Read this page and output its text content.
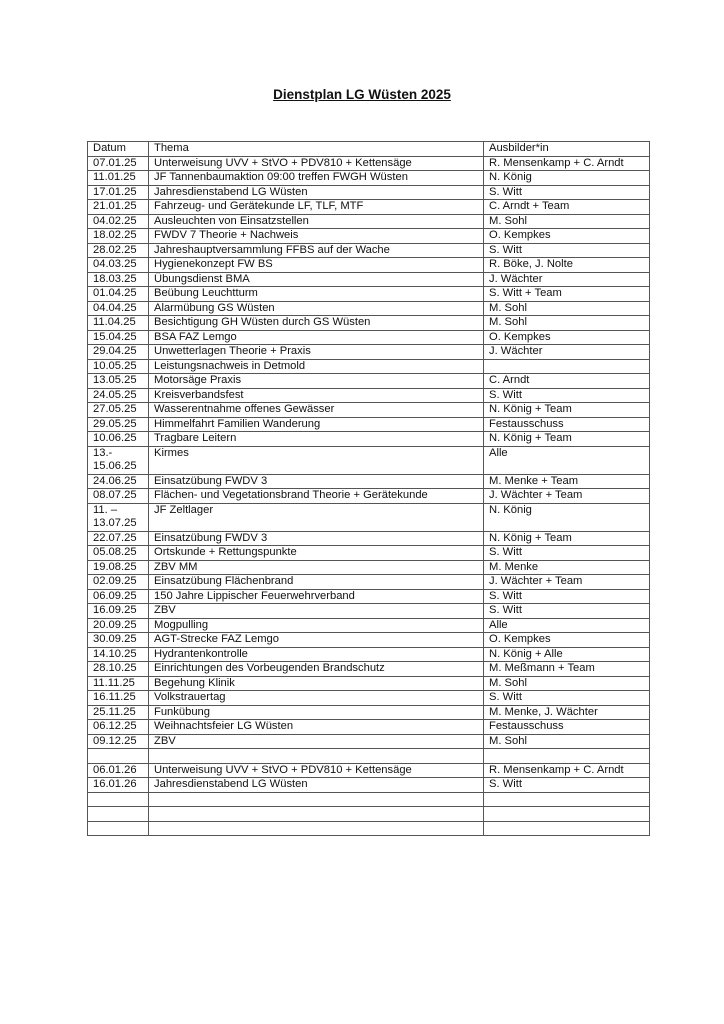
Dienstplan LG Wüsten 2025
Datum	Thema	Ausbilder*in
07.01.25	Unterweisung UVV + StVO + PDV810 + Kettensäge	R. Mensenkamp + C. Arndt
11.01.25	JF Tannenbaumaktion 09:00 treffen FWGH Wüsten	N. König
17.01.25	Jahresdienstabend LG Wüsten	S. Witt
21.01.25	Fahrzeug- und Gerätekunde LF, TLF, MTF	C. Arndt + Team
04.02.25	Ausleuchten von Einsatzstellen	M. Sohl
18.02.25	FWDV 7 Theorie + Nachweis	O. Kempkes
28.02.25	Jahreshauptversammlung FFBS auf der Wache	S. Witt
04.03.25	Hygienekonzept FW BS	R. Böke, J. Nolte
18.03.25	Übungsdienst BMA	J. Wächter
01.04.25	Beübung Leuchtturm	S. Witt + Team
04.04.25	Alarmübung GS Wüsten	M. Sohl
11.04.25	Besichtigung GH Wüsten durch GS Wüsten	M. Sohl
15.04.25	BSA FAZ Lemgo	O. Kempkes
29.04.25	Unwetterlagen Theorie + Praxis	J. Wächter
10.05.25	Leistungsnachweis in Detmold	
13.05.25	Motorsäge Praxis	C. Arndt
24.05.25	Kreisverbandsfest	S. Witt
27.05.25	Wasserentnahme offenes Gewässer	N. König + Team
29.05.25	Himmelfahrt Familien Wanderung	Festausschuss
10.06.25	Tragbare Leitern	N. König + Team
13.- 15.06.25	Kirmes	Alle
24.06.25	Einsatzübung FWDV 3	M. Menke + Team
08.07.25	Flächen- und Vegetationsbrand Theorie + Gerätekunde	J. Wächter + Team
11. – 13.07.25	JF Zeltlager	N. König
22.07.25	Einsatzübung FWDV 3	N. König + Team
05.08.25	Ortskunde + Rettungspunkte	S. Witt
19.08.25	ZBV MM	M. Menke
02.09.25	Einsatzübung Flächenbrand	J. Wächter + Team
06.09.25	150 Jahre Lippischer Feuerwehrverband	S. Witt
16.09.25	ZBV	S. Witt
20.09.25	Mogpulling	Alle
30.09.25	AGT-Strecke FAZ Lemgo	O. Kempkes
14.10.25	Hydrantenkontrolle	N. König + Alle
28.10.25	Einrichtungen des Vorbeugenden Brandschutz	M. Meßmann + Team
11.11.25	Begehung Klinik	M. Sohl
16.11.25	Volkstrauertag	S. Witt
25.11.25	Funkübung	M. Menke, J. Wächter
06.12.25	Weihnachtsfeier LG Wüsten	Festausschuss
09.12.25	ZBV	M. Sohl

06.01.26	Unterweisung UVV + StVO + PDV810 + Kettensäge	R. Mensenkamp + C. Arndt
16.01.26	Jahresdienstabend LG Wüsten	S. Witt
